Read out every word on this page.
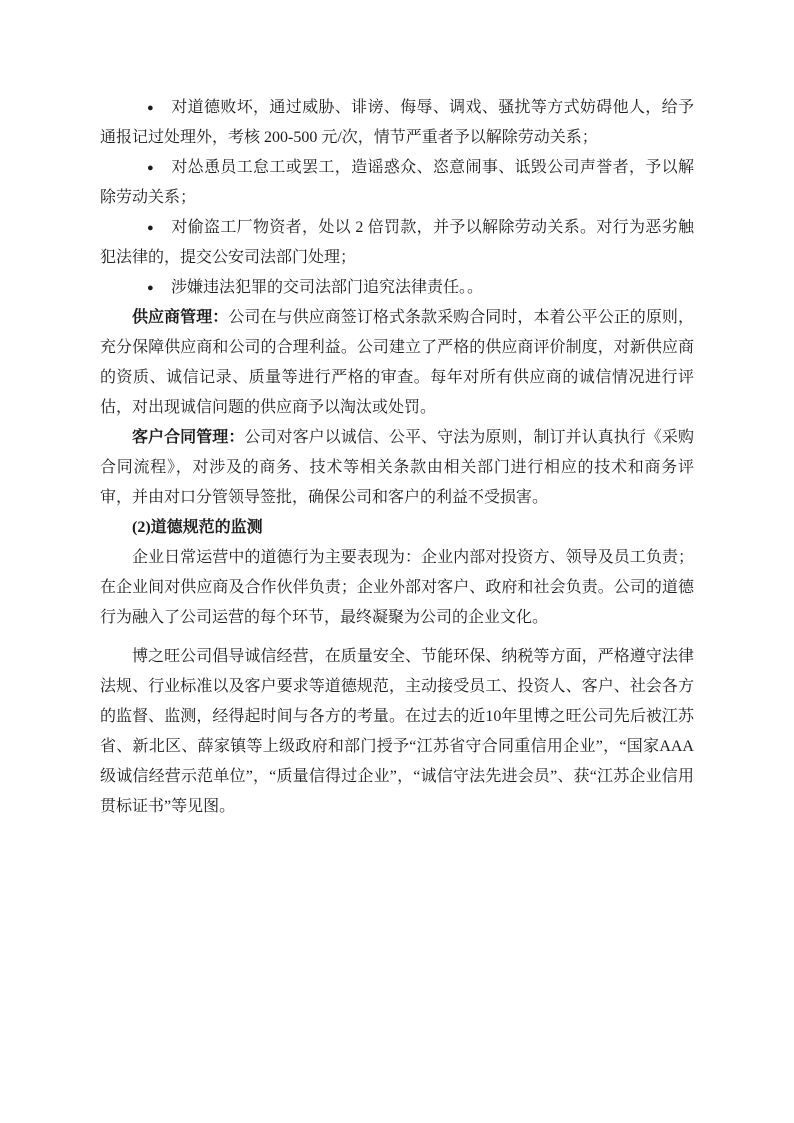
● 对道德败坏，通过威胁、诽谤、侮辱、调戏、骚扰等方式妨碍他人，给予通报记过处理外，考核 200-500 元/次，情节严重者予以解除劳动关系；

● 对怂恿员工怠工或罢工，造谣惑众、恣意闹事、诋毁公司声誉者，予以解除劳动关系；

● 对偷盗工厂物资者，处以 2 倍罚款，并予以解除劳动关系。对行为恶劣触犯法律的，提交公安司法部门处理；

● 涉嫌违法犯罪的交司法部门追究法律责任。。

供应商管理：公司在与供应商签订格式条款采购合同时，本着公平公正的原则，充分保障供应商和公司的合理利益。公司建立了严格的供应商评价制度，对新供应商的资质、诚信记录、质量等进行严格的审查。每年对所有供应商的诚信情况进行评估，对出现诚信问题的供应商予以淘汰或处罚。

客户合同管理：公司对客户以诚信、公平、守法为原则，制订并认真执行《采购合同流程》，对涉及的商务、技术等相关条款由相关部门进行相应的技术和商务评审，并由对口分管领导签批，确保公司和客户的利益不受损害。

(2)道德规范的监测

企业日常运营中的道德行为主要表现为：企业内部对投资方、领导及员工负责；在企业间对供应商及合作伙伴负责；企业外部对客户、政府和社会负责。公司的道德行为融入了公司运营的每个环节，最终凝聚为公司的企业文化。

博之旺公司倡导诚信经营，在质量安全、节能环保、纳税等方面，严格遵守法律法规、行业标准以及客户要求等道德规范，主动接受员工、投资人、客户、社会各方的监督、监测，经得起时间与各方的考量。在过去的近10年里博之旺公司先后被江苏省、新北区、薛家镇等上级政府和部门授予“江苏省守合同重信用企业”，“国家AAA级诚信经营示范单位”，“质量信得过企业”，“诚信守法先进会员”、获“江苏企业信用贯标证书”等见图。
